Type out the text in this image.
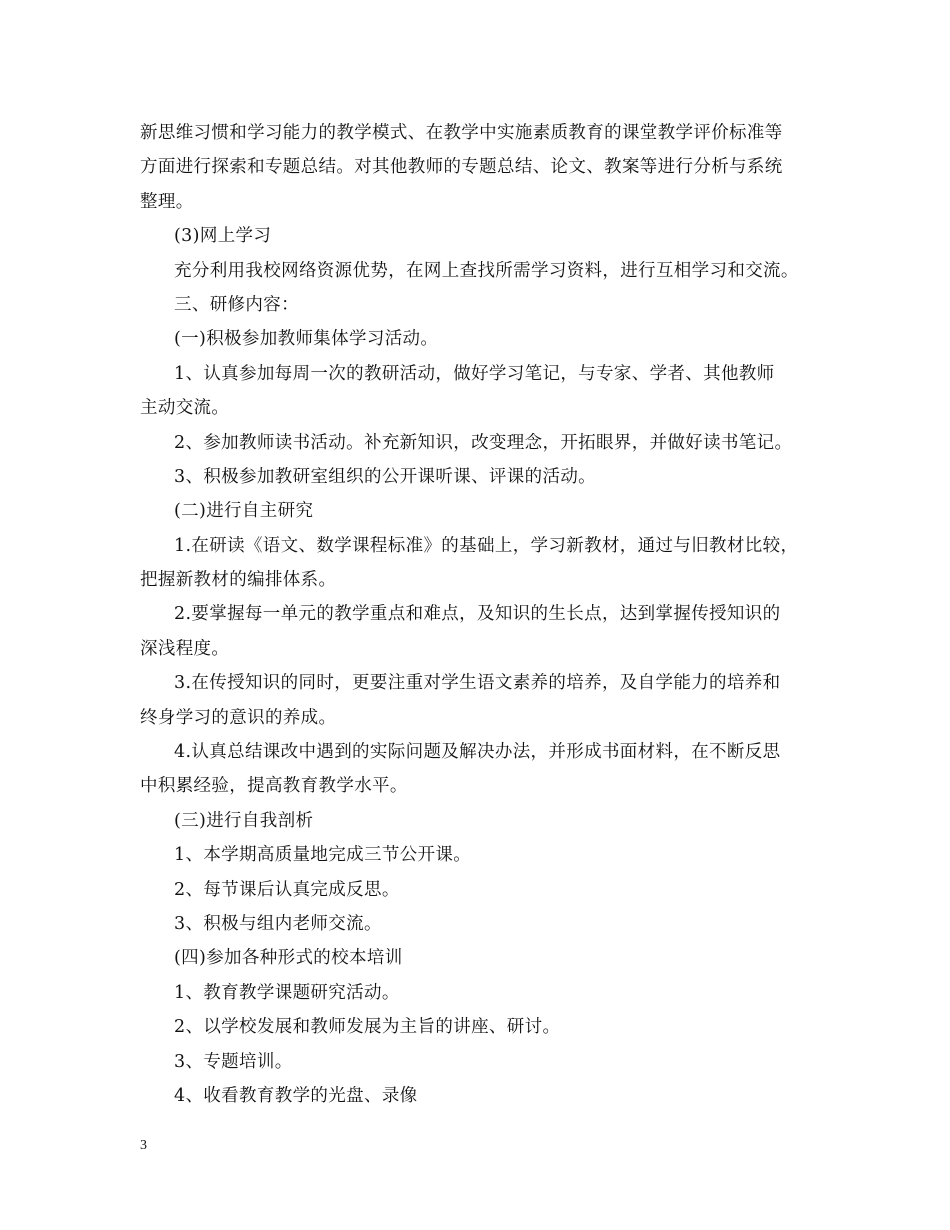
新思维习惯和学习能力的教学模式、在教学中实施素质教育的课堂教学评价标准等
方面进行探索和专题总结。对其他教师的专题总结、论文、教案等进行分析与系统
整理。
(3)网上学习
充分利用我校网络资源优势，在网上查找所需学习资料，进行互相学习和交流。
三、研修内容：
(一)积极参加教师集体学习活动。
1、认真参加每周一次的教研活动，做好学习笔记，与专家、学者、其他教师
主动交流。
2、参加教师读书活动。补充新知识，改变理念，开拓眼界，并做好读书笔记。
3、积极参加教研室组织的公开课听课、评课的活动。
(二)进行自主研究
1.在研读《语文、数学课程标准》的基础上，学习新教材，通过与旧教材比较，
把握新教材的编排体系。
2.要掌握每一单元的教学重点和难点，及知识的生长点，达到掌握传授知识的
深浅程度。
3.在传授知识的同时，更要注重对学生语文素养的培养，及自学能力的培养和
终身学习的意识的养成。
4.认真总结课改中遇到的实际问题及解决办法，并形成书面材料，在不断反思
中积累经验，提高教育教学水平。
(三)进行自我剖析
1、本学期高质量地完成三节公开课。
2、每节课后认真完成反思。
3、积极与组内老师交流。
(四)参加各种形式的校本培训
1、教育教学课题研究活动。
2、以学校发展和教师发展为主旨的讲座、研讨。
3、专题培训。
4、收看教育教学的光盘、录像
3
